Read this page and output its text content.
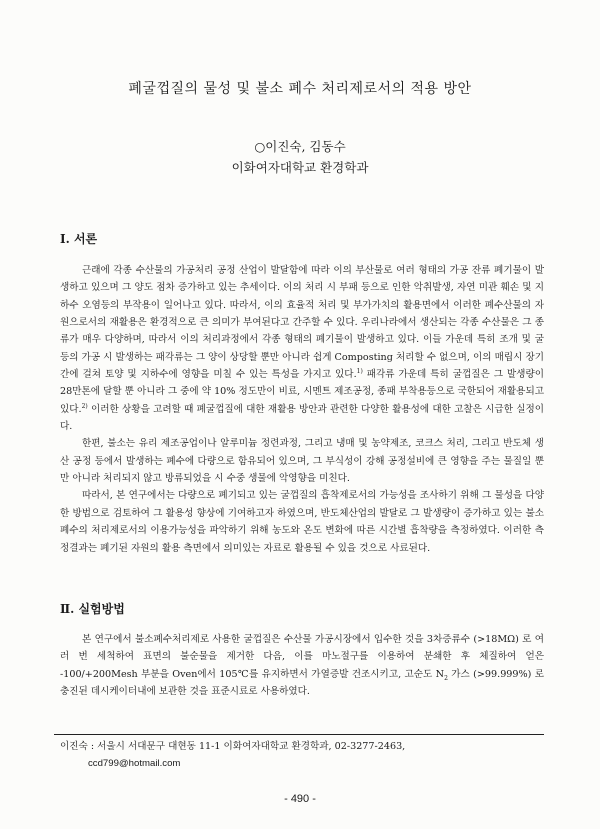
폐굴껍질의 물성 및 불소 폐수 처리제로서의 적용 방안
○이진숙, 김동수
이화여자대학교 환경학과
Ⅰ. 서론

근래에 각종 수산물의 가공처리 공정 산업이 발달함에 따라 이의 부산물로 여러 형태의 가공 잔류 폐기물이 발생하고 있으며 그 양도 점차 증가하고 있는 추세이다. 이의 처리 시 부패 등으로 인한 악취발생, 자연 미관 훼손 및 지하수 오염등의 부작용이 일어나고 있다. 따라서, 이의 효율적 처리 및 부가가치의 활용면에서 이러한 폐수산물의 자원으로서의 재활용은 환경적으로 큰 의미가 부여된다고 간주할 수 있다. 우리나라에서 생산되는 각종 수산물은 그 종류가 매우 다양하며, 따라서 이의 처리과정에서 각종 형태의 폐기물이 발생하고 있다. 이들 가운데 특히 조개 및 굴 등의 가공 시 발생하는 패각류는 그 양이 상당할 뿐만 아니라 쉽게 Composting 처리할 수 없으며, 이의 매립시 장기간에 걸쳐 토양 및 지하수에 영향을 미칠 수 있는 특성을 가지고 있다.$^{1)}$ 패각류 가운데 특히 굴껍질은 그 발생량이 28만톤에 달할 뿐 아니라 그 중에 약 10% 정도만이 비료, 시멘트 제조공정, 종패 부착용등으로 국한되어 재활용되고 있다.$^{2)}$ 이러한 상황을 고려할 때 폐굴껍질에 대한 재활용 방안과 관련한 다양한 활용성에 대한 고찰은 시급한 실정이다.

한편, 불소는 유리 제조공업이나 알루미늄 정련과정, 그리고 냉매 및 농약제조, 코크스 처리, 그리고 반도체 생산 공정 등에서 발생하는 폐수에 다량으로 함유되어 있으며, 그 부식성이 강해 공정설비에 큰 영향을 주는 물질일 뿐만 아니라 처리되지 않고 방류되었을 시 수중 생물에 악영향을 미친다.

따라서, 본 연구에서는 다량으로 폐기되고 있는 굴껍질의 흡착제로서의 가능성을 조사하기 위해 그 물성을 다양한 방법으로 검토하여 그 활용성 향상에 기여하고자 하였으며, 반도체산업의 발달로 그 발생량이 증가하고 있는 불소폐수의 처리제로서의 이용가능성을 파악하기 위해 농도와 온도 변화에 따른 시간별 흡착량을 측정하였다. 이러한 측정결과는 폐기된 자원의 활용 측면에서 의미있는 자료로 활용될 수 있을 것으로 사료된다.

Ⅱ. 실험방법

본 연구에서 불소폐수처리제로 사용한 굴껍질은 수산물 가공시장에서 입수한 것을 3차증류수 (>18MΩ) 로 여러 번 세척하여 표면의 불순물을 제거한 다음, 이를 마노절구를 이용하여 분쇄한 후 체질하여 얻은 -100/+200Mesh 부분을 Oven에서 105℃를 유지하면서 가열증발 건조시키고, 고순도 $N_2$ 가스 (>99.999%) 로 충진된 데시케이터내에 보관한 것을 표준시료로 사용하였다.

이진숙 : 서울시 서대문구 대현동 11-1 이화여자대학교 환경학과, 02-3277-2463,
ccd799@hotmail.com
- 490 -
